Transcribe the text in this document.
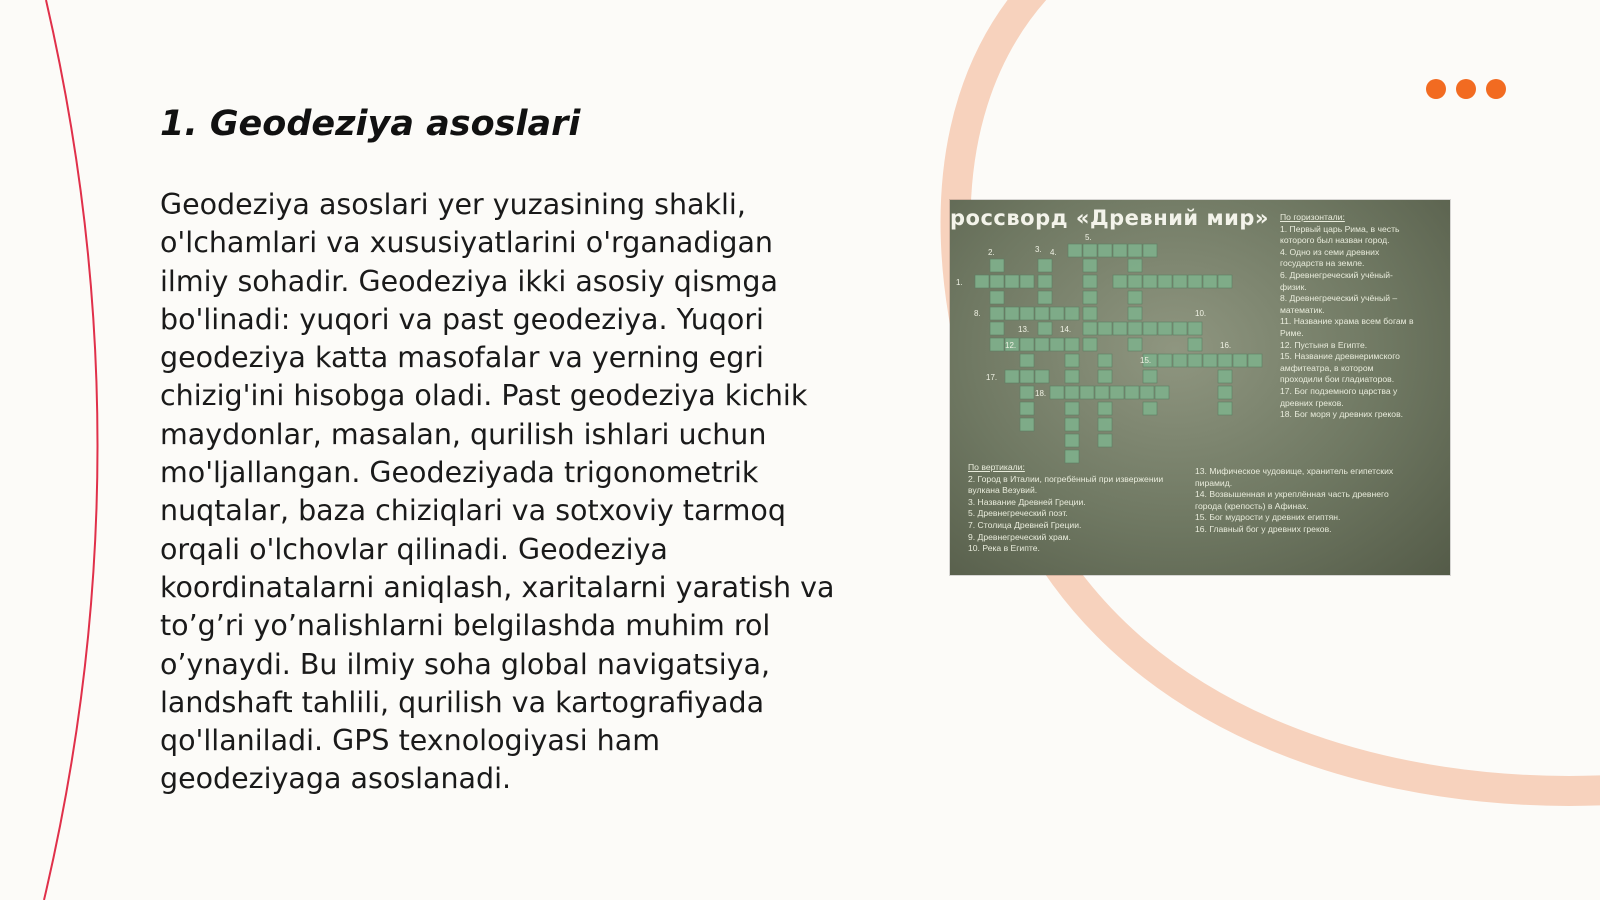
1. Geodeziya asoslari

Geodeziya asoslari yer yuzasining shakli, o'lchamlari va xususiyatlarini o'rganadigan ilmiy sohadir. Geodeziya ikki asosiy qismga bo'linadi: yuqori va past geodeziya. Yuqori geodeziya katta masofalar va yerning egri chizig'ini hisobga oladi. Past geodeziya kichik maydonlar, masalan, qurilish ishlari uchun mo'ljallangan. Geodeziyada trigonometrik nuqtalar, baza chiziqlari va sotxoviy tarmoq orqali o'lchovlar qilinadi. Geodeziya koordinatalarni aniqlash, xaritalarni yaratish va to’g’ri yo’nalishlarni belgilashda muhim rol o’ynaydi. Bu ilmiy soha global navigatsiya, landshaft tahlili, qurilish va kartografiyada qo'llaniladi. GPS texnologiyasi ham geodeziyaga asoslanadi.

2.	3. 4.
5.
1.
8.
13.	14.
12.
17.
18.
15.
10.
16.
россворд «Древний мир» По горизонтали:
1. Первый царь Рима, в честь
которого был назван город.
4. Одно из семи древних
государств на земле.
6. Древнегреческий учёный-
физик.
8. Древнегреческий учёный –
математик.
11. Название храма всем богам в
Риме.
12. Пустыня в Египте.
15. Название древнеримского
амфитеатра, в котором
проходили бои гладиаторов.
17. Бог подземного царства у
древних греков.
18. Бог моря у древних греков.
По вертикали:
2. Город в Италии, погребённый при извержении
вулкана Везувий.
3. Название Древней Греции.
5. Древнегреческий поэт.
7. Столица Древней Греции.
9. Древнегреческий храм.
10. Река в Египте.
13. Мифическое чудовище, хранитель египетских
пирамид.
14. Возвышенная и укреплённая часть древнего
города (крепость) в Афинах.
15. Бог мудрости у древних египтян.
16. Главный бог у древних греков.
